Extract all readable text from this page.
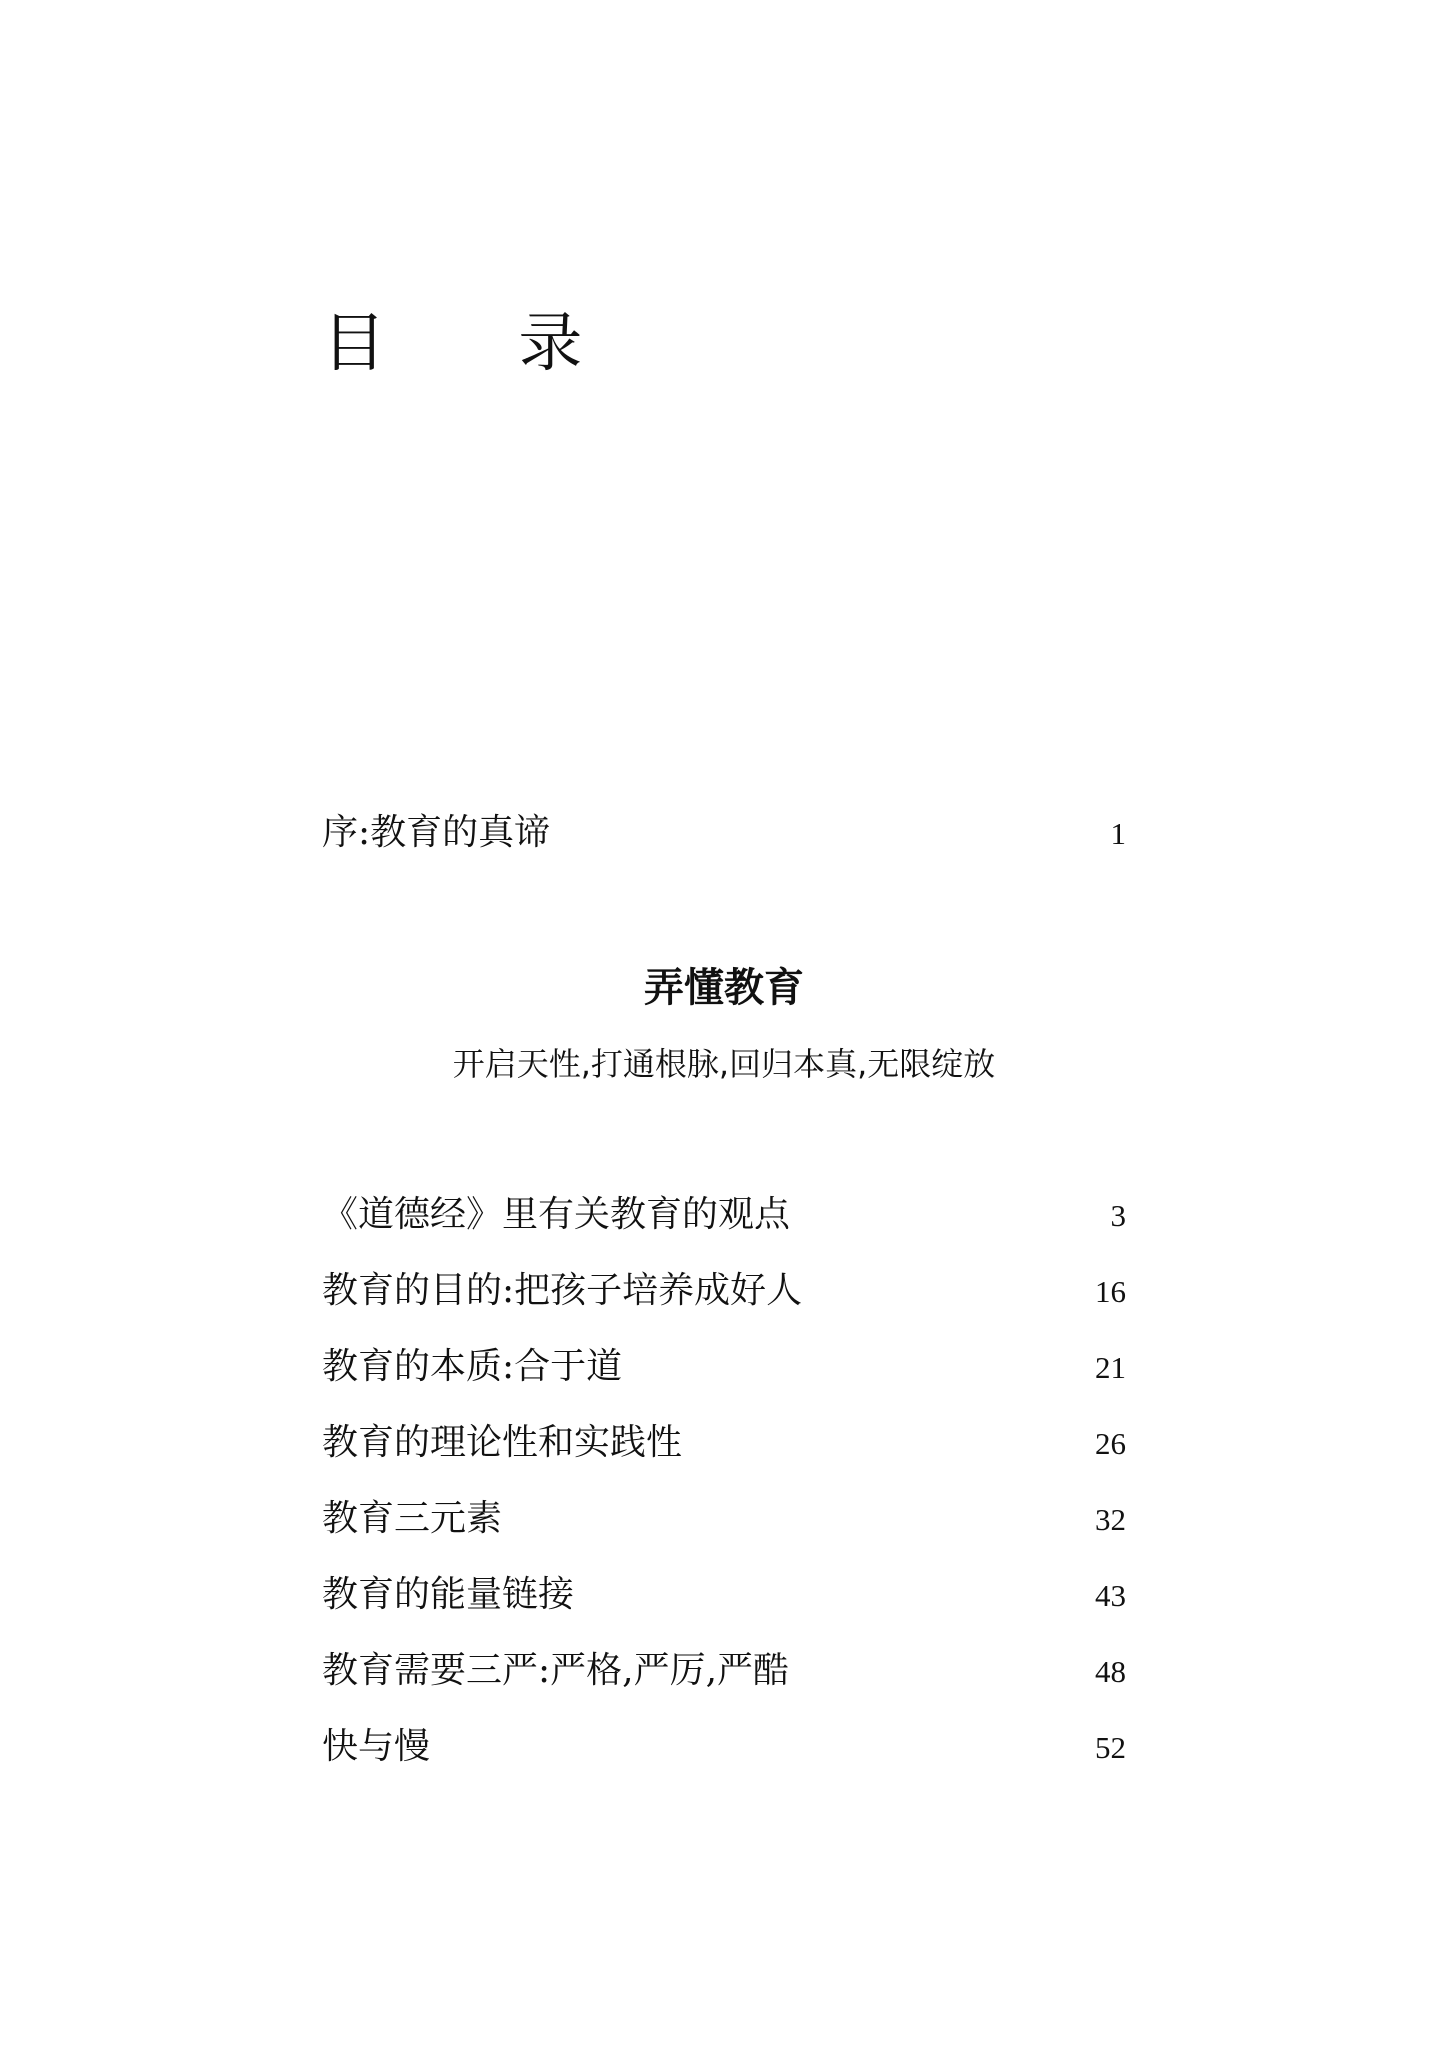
目 录
序:教育的真谛	1
弄懂教育
开启天性,打通根脉,回归本真,无限绽放
《道德经》里有关教育的观点	3
教育的目的:把孩子培养成好人	16
教育的本质:合于道	21
教育的理论性和实践性	26
教育三元素	32
教育的能量链接	43
教育需要三严:严格,严厉,严酷	48
快与慢	52
